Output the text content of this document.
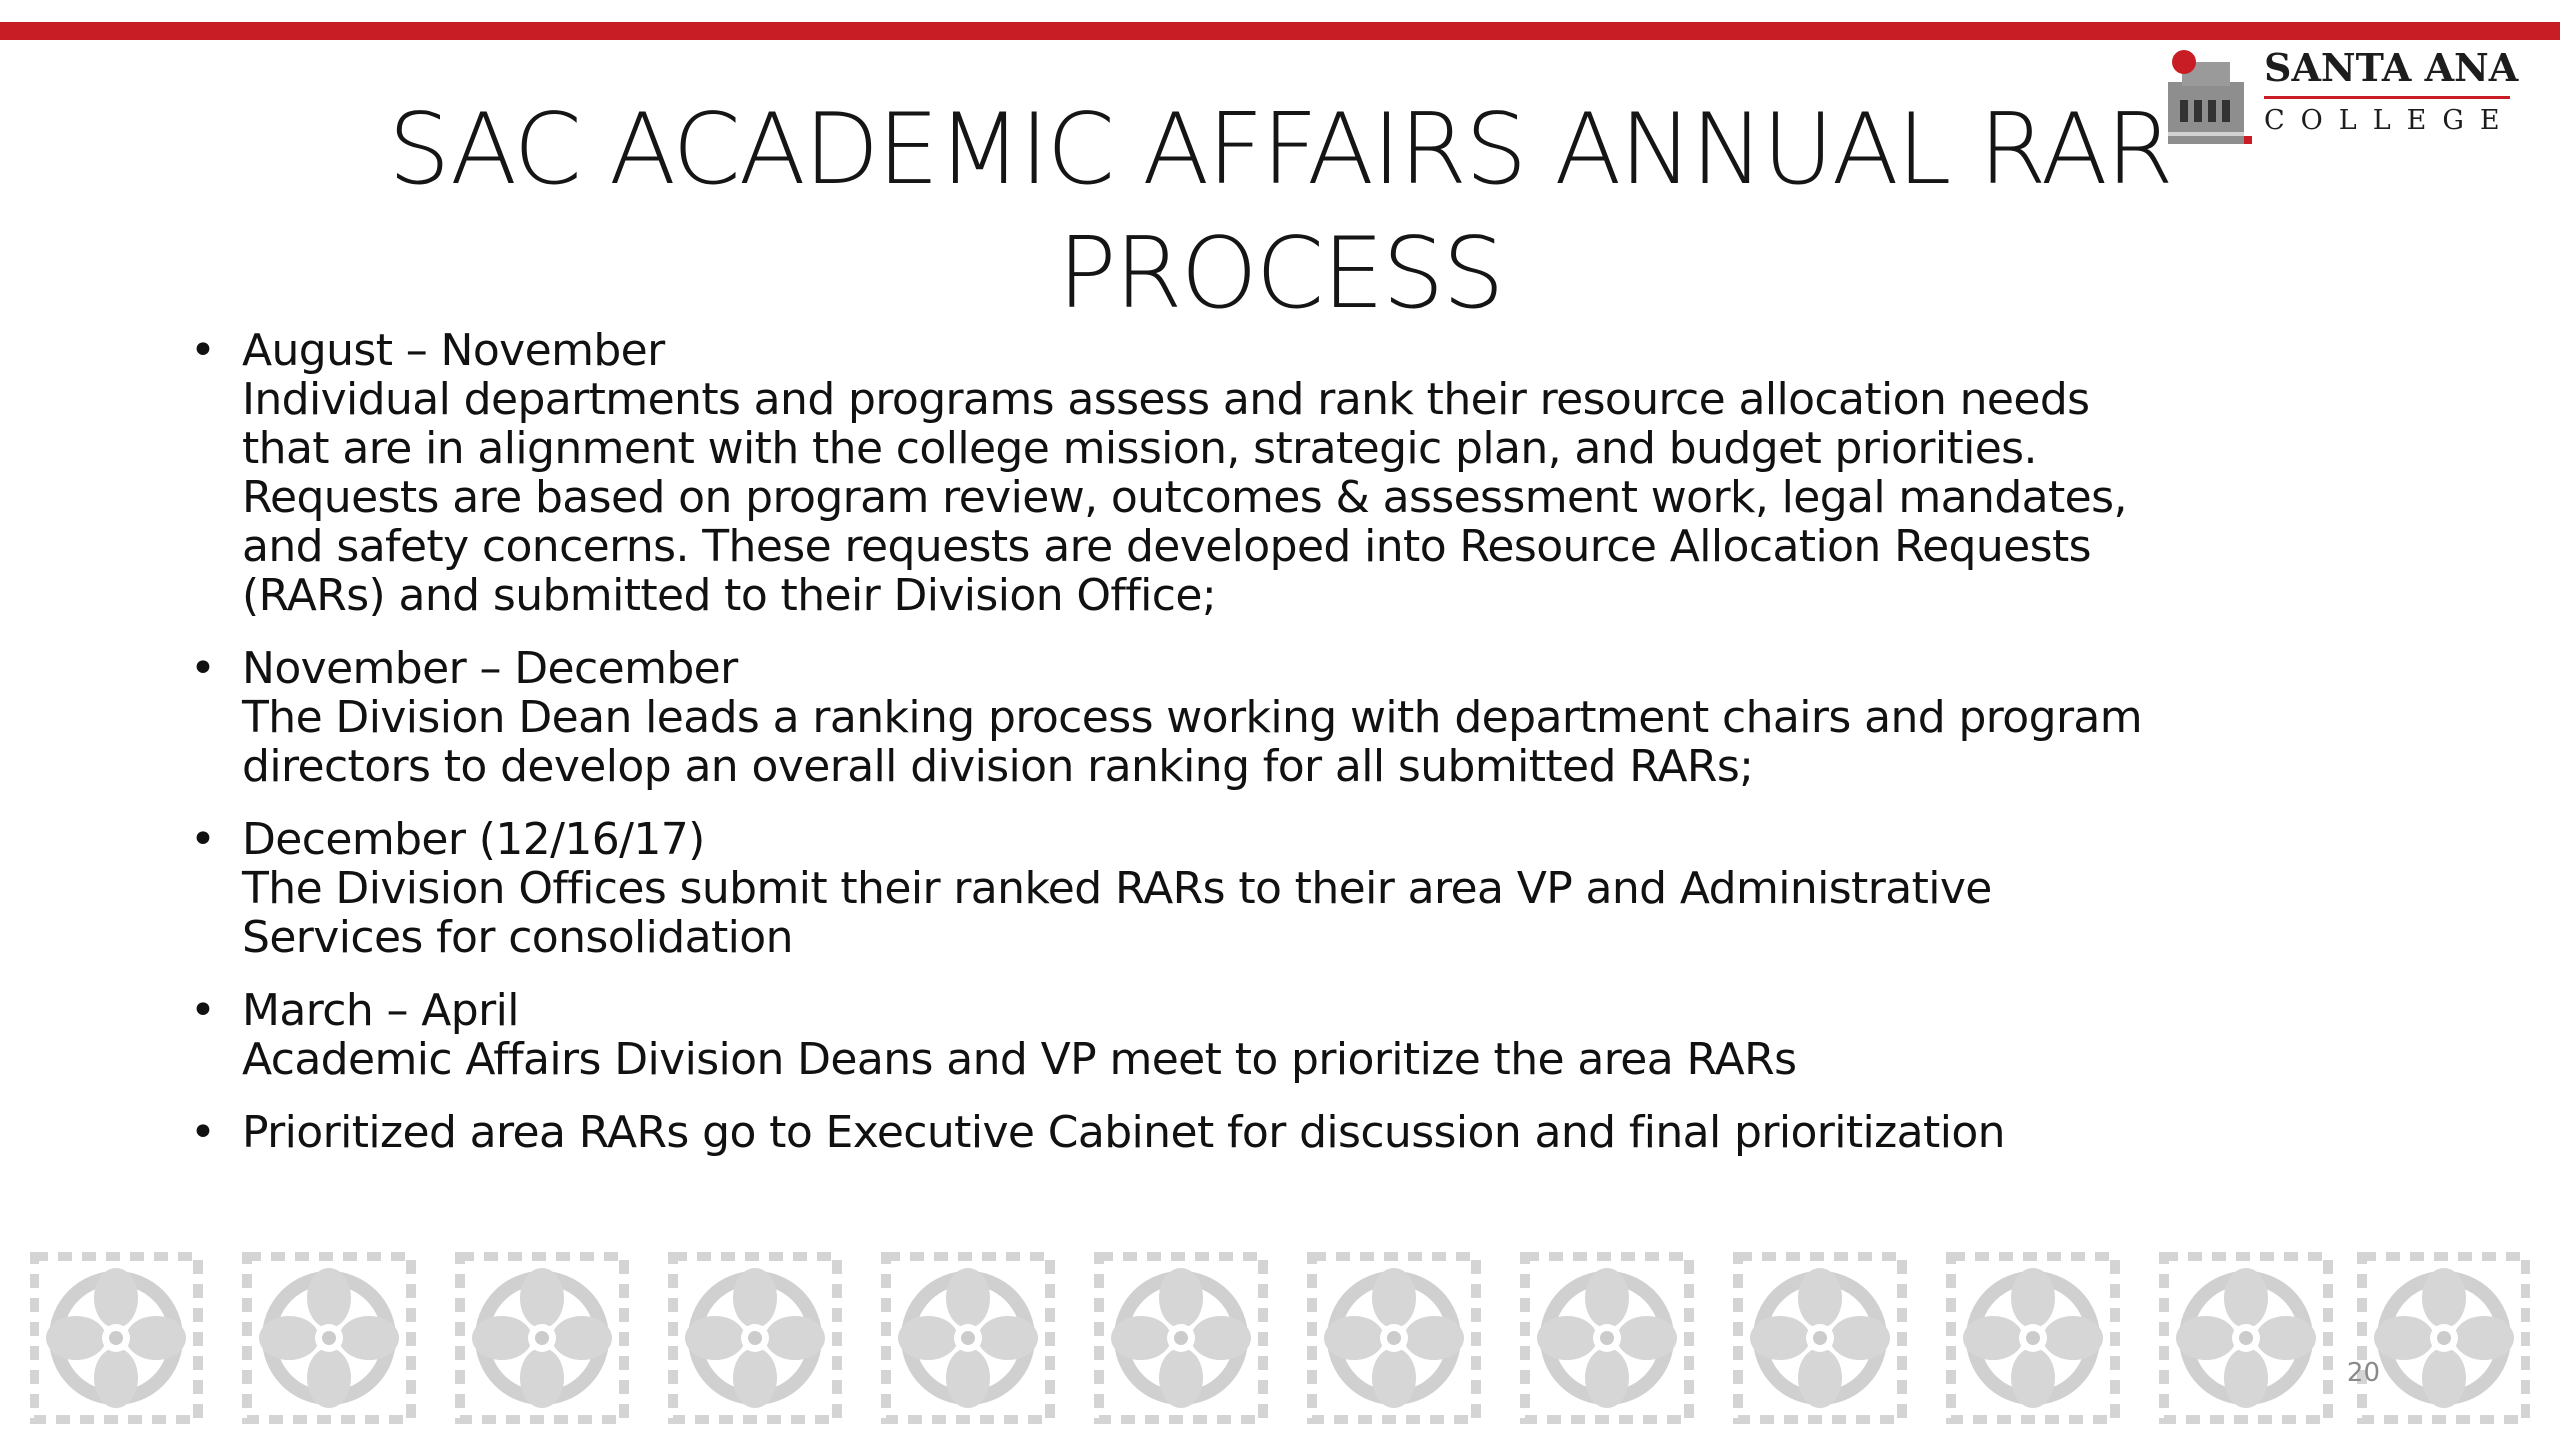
SANTA ANA
COLLEGE
SAC ACADEMIC AFFAIRS ANNUAL RAR
PROCESS
• August – November
Individual departments and programs assess and rank their resource allocation needs
that are in alignment with the college mission, strategic plan, and budget priorities.
Requests are based on program review, outcomes & assessment work, legal mandates,
and safety concerns. These requests are developed into Resource Allocation Requests
(RARs) and submitted to their Division Office;
• November – December
The Division Dean leads a ranking process working with department chairs and program
directors to develop an overall division ranking for all submitted RARs;
• December (12/16/17)
The Division Offices submit their ranked RARs to their area VP and Administrative
Services for consolidation
• March – April
Academic Affairs Division Deans and VP meet to prioritize the area RARs
• Prioritized area RARs go to Executive Cabinet for discussion and final prioritization
20
